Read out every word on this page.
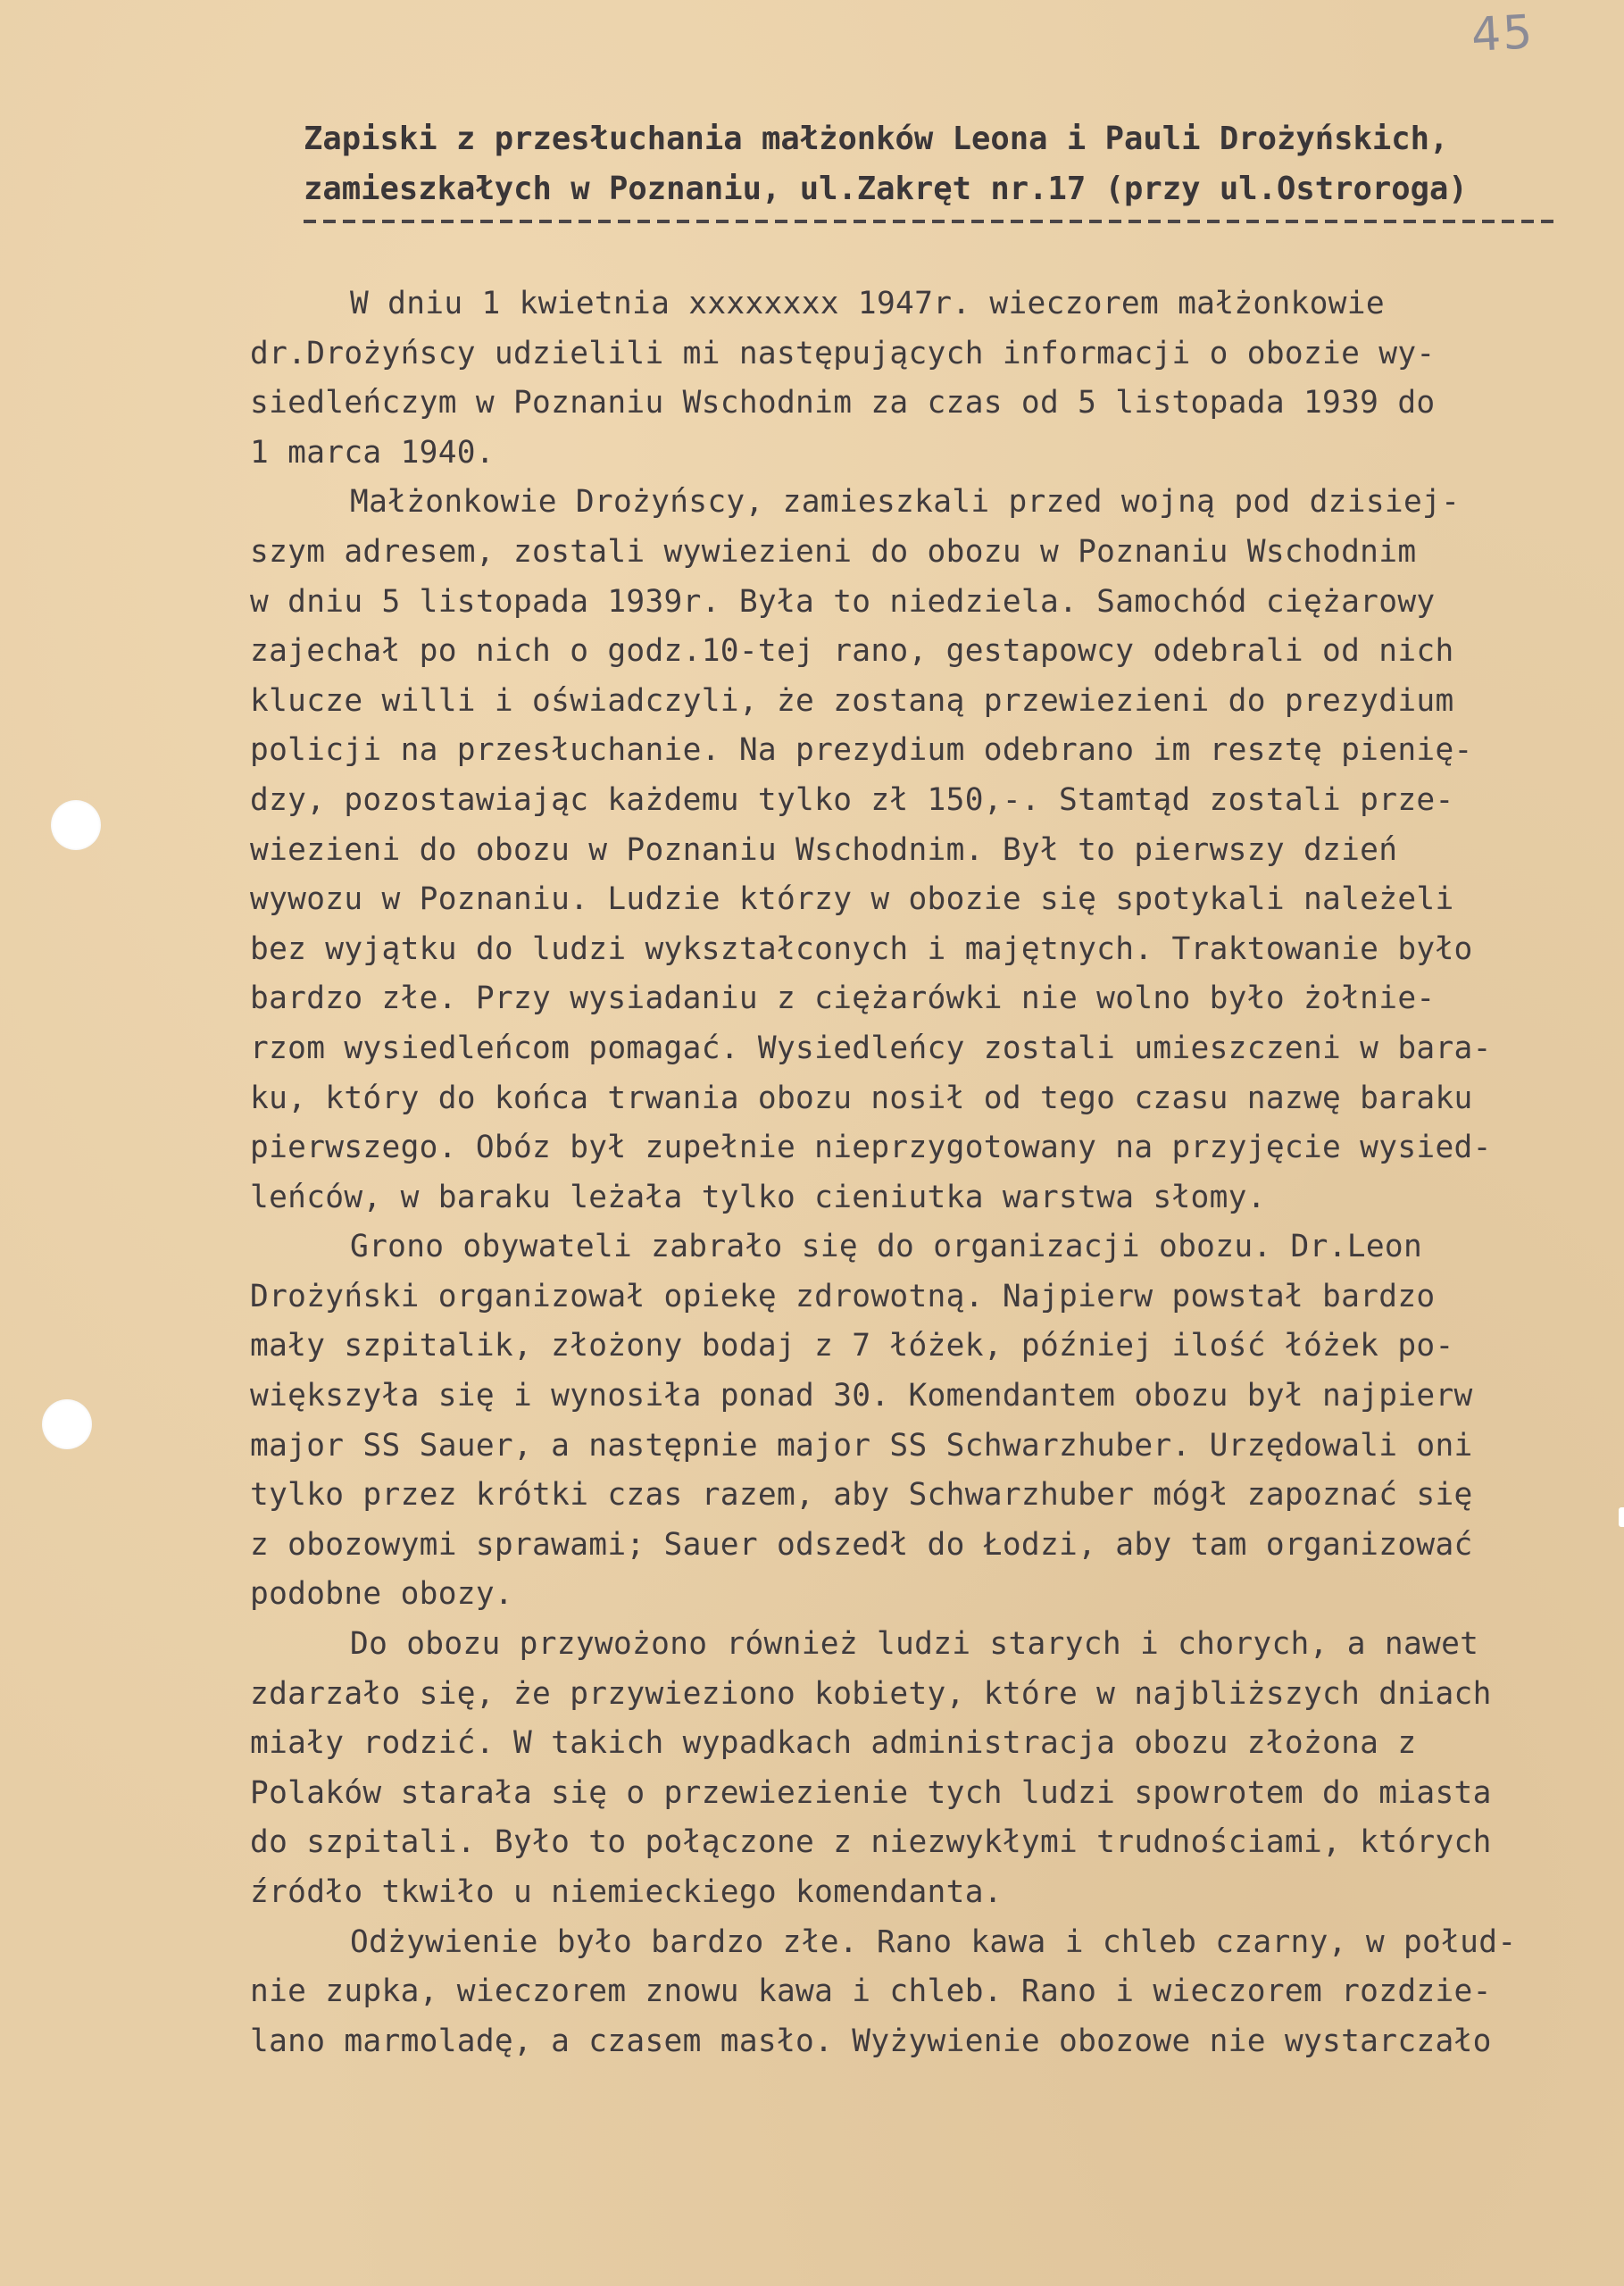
45
Zapiski z przesłuchania małżonków Leona i Pauli Drożyńskich,
zamieszkałych w Poznaniu, ul.Zakręt nr.17 (przy ul.Ostroroga)
W dniu 1 kwietnia xxxxxxxx 1947r. wieczorem małżonkowie
dr.Drożyńscy udzielili mi następujących informacji o obozie wy-
siedleńczym w Poznaniu Wschodnim za czas od 5 listopada 1939 do
1 marca 1940.
Małżonkowie Drożyńscy, zamieszkali przed wojną pod dzisiej-
szym adresem, zostali wywiezieni do obozu w Poznaniu Wschodnim
w dniu 5 listopada 1939r. Była to niedziela. Samochód ciężarowy
zajechał po nich o godz.10-tej rano, gestapowcy odebrali od nich
klucze willi i oświadczyli, że zostaną przewiezieni do prezydium
policji na przesłuchanie. Na prezydium odebrano im resztę pienię-
dzy, pozostawiając każdemu tylko zł 150,-. Stamtąd zostali prze-
wiezieni do obozu w Poznaniu Wschodnim. Był to pierwszy dzień
wywozu w Poznaniu. Ludzie którzy w obozie się spotykali należeli
bez wyjątku do ludzi wykształconych i majętnych. Traktowanie było
bardzo złe. Przy wysiadaniu z ciężarówki nie wolno było żołnie-
rzom wysiedleńcom pomagać. Wysiedleńcy zostali umieszczeni w bara-
ku, który do końca trwania obozu nosił od tego czasu nazwę baraku
pierwszego. Obóz był zupełnie nieprzygotowany na przyjęcie wysied-
leńców, w baraku leżała tylko cieniutka warstwa słomy.
Grono obywateli zabrało się do organizacji obozu. Dr.Leon
Drożyński organizował opiekę zdrowotną. Najpierw powstał bardzo
mały szpitalik, złożony bodaj z 7 łóżek, później ilość łóżek po-
większyła się i wynosiła ponad 30. Komendantem obozu był najpierw
major SS Sauer, a następnie major SS Schwarzhuber. Urzędowali oni
tylko przez krótki czas razem, aby Schwarzhuber mógł zapoznać się
z obozowymi sprawami; Sauer odszedł do Łodzi, aby tam organizować
podobne obozy.
Do obozu przywożono również ludzi starych i chorych, a nawet
zdarzało się, że przywieziono kobiety, które w najbliższych dniach
miały rodzić. W takich wypadkach administracja obozu złożona z
Polaków starała się o przewiezienie tych ludzi spowrotem do miasta
do szpitali. Było to połączone z niezwykłymi trudnościami, których
źródło tkwiło u niemieckiego komendanta.
Odżywienie było bardzo złe. Rano kawa i chleb czarny, w połud-
nie zupka, wieczorem znowu kawa i chleb. Rano i wieczorem rozdzie-
lano marmoladę, a czasem masło. Wyżywienie obozowe nie wystarczało
